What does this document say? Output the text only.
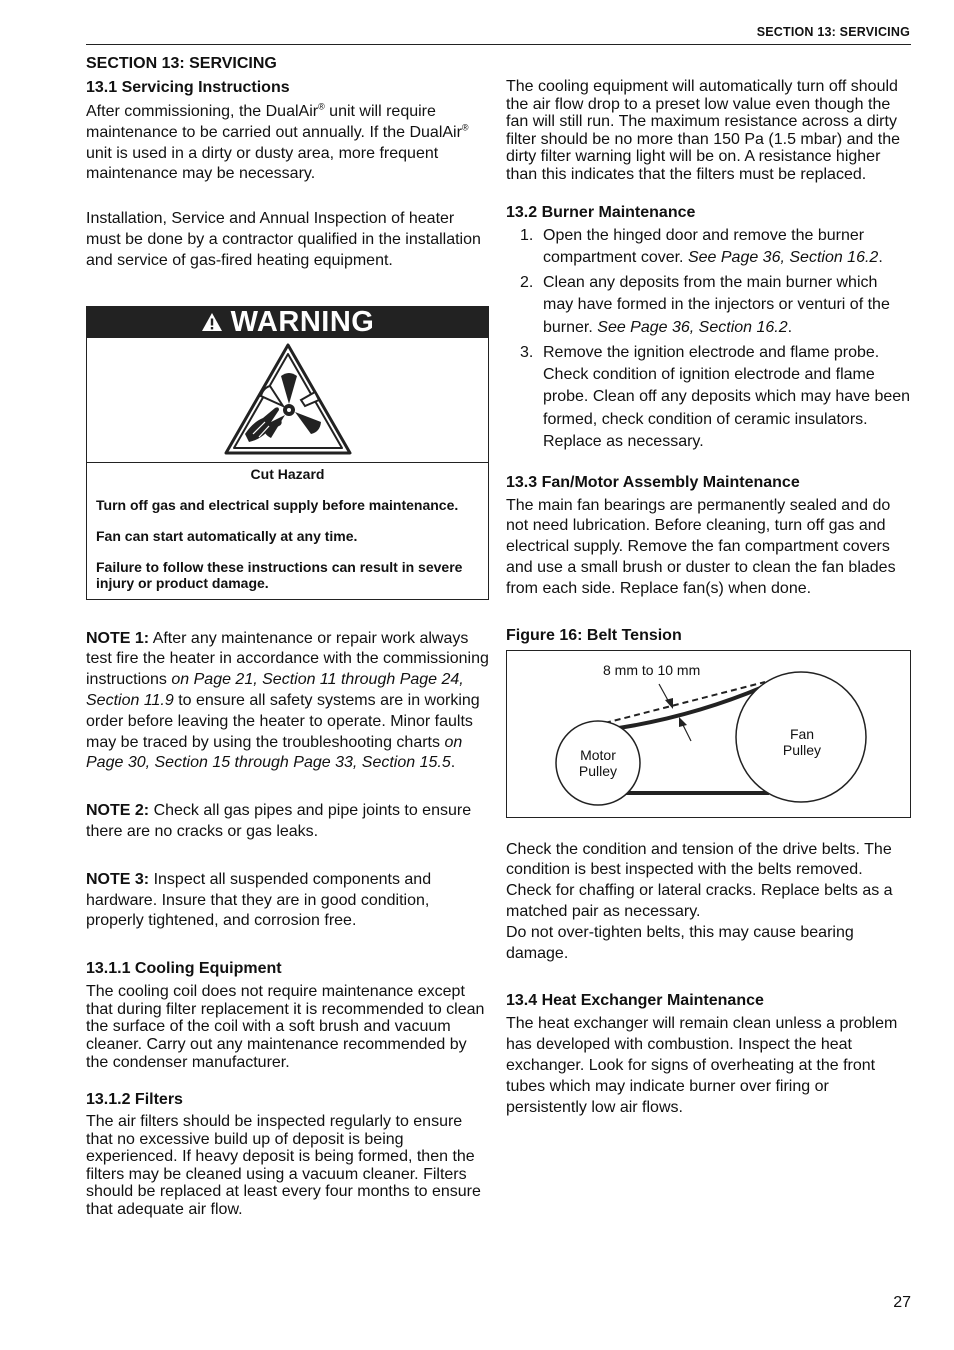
SECTION 13: SERVICING
SECTION 13: SERVICING
13.1 Servicing Instructions

After commissioning, the DualAir® unit will require maintenance to be carried out annually. If the DualAir® unit is used in a dirty or dusty area, more frequent maintenance may be necessary.

Installation, Service and Annual Inspection of heater must be done by a contractor qualified in the installation and service of gas-fired heating equipment.

WARNING

Cut Hazard

Turn off gas and electrical supply before maintenance.

Fan can start automatically at any time.

Failure to follow these instructions can result in severe injury or product damage.

NOTE 1: After any maintenance or repair work always test fire the heater in accordance with the commissioning instructions on Page 21, Section 11 through Page 24, Section 11.9 to ensure all safety systems are in working order before leaving the heater to operate. Minor faults may be traced by using the troubleshooting charts on Page 30, Section 15 through Page 33, Section 15.5.

NOTE 2: Check all gas pipes and pipe joints to ensure there are no cracks or gas leaks.

NOTE 3: Inspect all suspended components and hardware. Insure that they are in good condition, properly tightened, and corrosion free.

13.1.1 Cooling Equipment

The cooling coil does not require maintenance except that during filter replacement it is recommended to clean the surface of the coil with a soft brush and vacuum cleaner. Carry out any maintenance recommended by the condenser manufacturer.

13.1.2 Filters

The air filters should be inspected regularly to ensure that no excessive build up of deposit is being experienced. If heavy deposit is being formed, then the filters may be cleaned using a vacuum cleaner. Filters should be replaced at least every four months to ensure that adequate air flow.

The cooling equipment will automatically turn off should the air flow drop to a preset low value even though the fan will still run. The maximum resistance across a dirty filter should be no more than 150 Pa (1.5 mbar) and the dirty filter warning light will be on. A resistance higher than this indicates that the filters must be replaced.

13.2 Burner Maintenance
1. Open the hinged door and remove the burner compartment cover. See Page 36, Section 16.2.
2. Clean any deposits from the main burner which may have formed in the injectors or venturi of the burner. See Page 36, Section 16.2.
3. Remove the ignition electrode and flame probe. Check condition of ignition electrode and flame probe. Clean off any deposits which may have been formed, check condition of ceramic insulators. Replace as necessary.
13.3 Fan/Motor Assembly Maintenance

The main fan bearings are permanently sealed and do not need lubrication. Before cleaning, turn off gas and electrical supply. Remove the fan compartment covers and use a small brush or duster to clean the fan blades from each side. Replace fan(s) when done.

Figure 16: Belt Tension
8 mm to 10 mm
Motor
Pulley
Fan
Pulley

Check the condition and tension of the drive belts. The condition is best inspected with the belts removed. Check for chaffing or lateral cracks. Replace belts as a matched pair as necessary.
Do not over-tighten belts, this may cause bearing damage.

13.4 Heat Exchanger Maintenance

The heat exchanger will remain clean unless a problem has developed with combustion. Inspect the heat exchanger. Look for signs of overheating at the front tubes which may indicate burner over firing or persistently low air flows.

27
